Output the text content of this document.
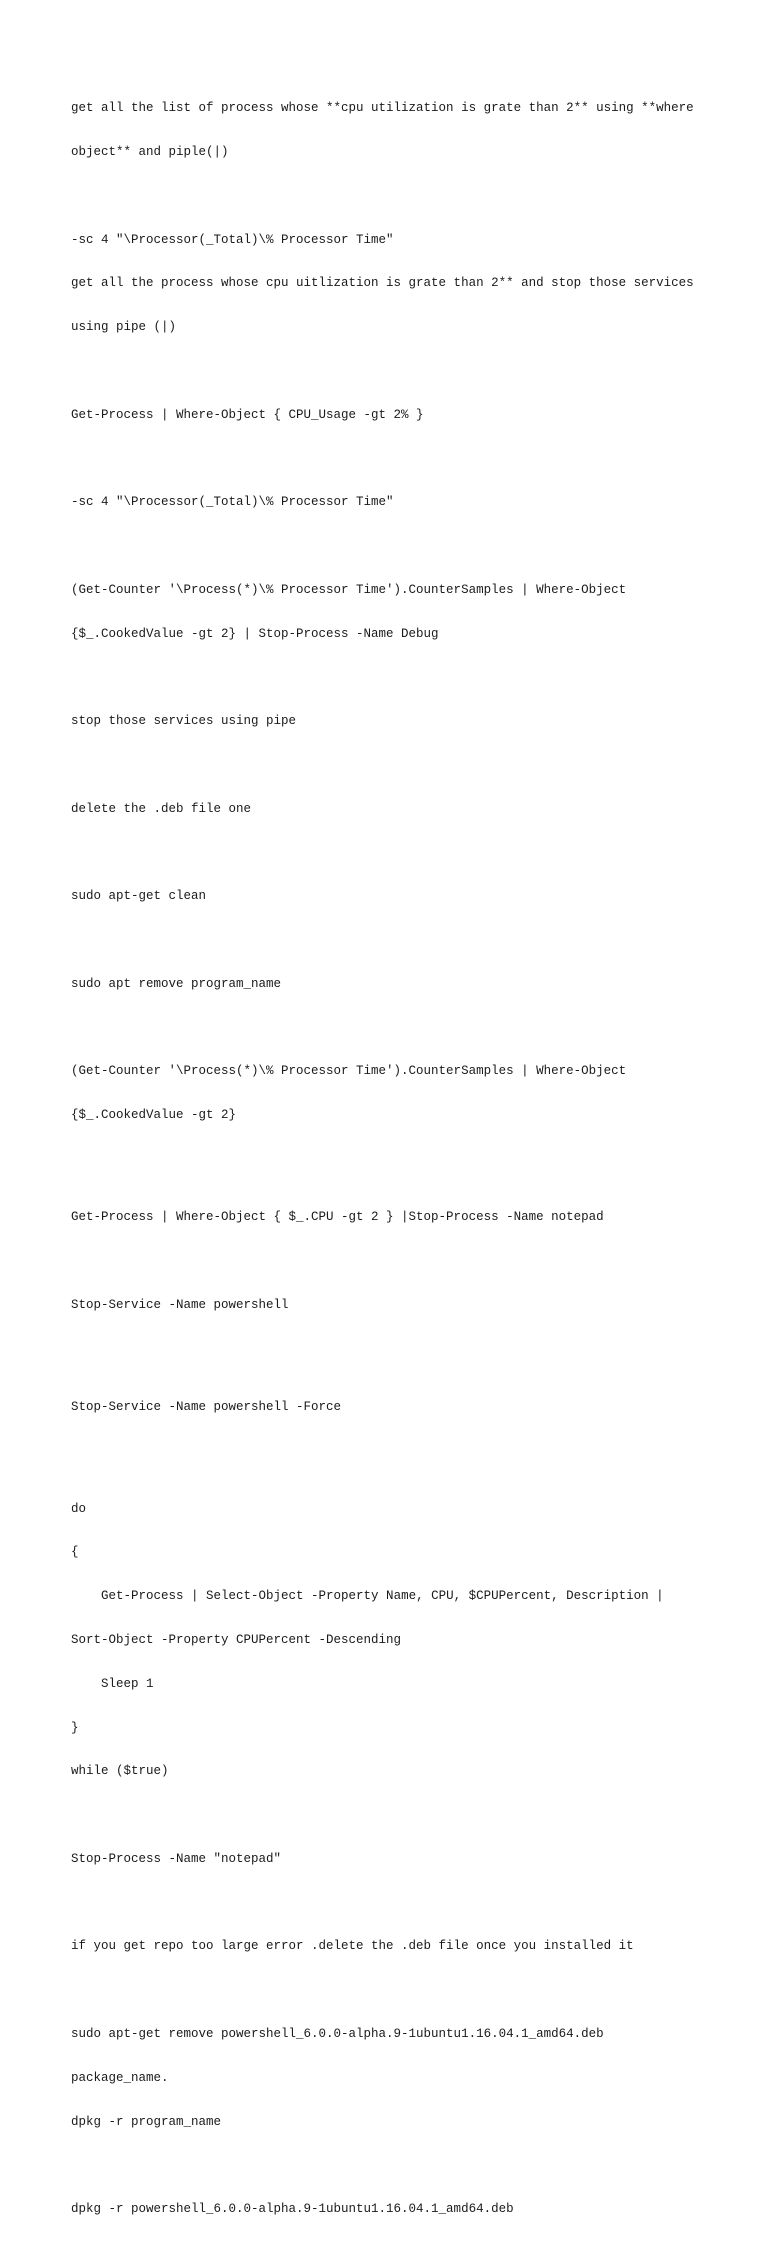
get all the list of process whose **cpu utilization is grate than 2** using **where

object** and piple(|)

-sc 4 "\Processor(_Total)\% Processor Time"

get all the process whose cpu uitlization is grate than 2** and stop those services

using pipe (|)

Get-Process | Where-Object { CPU_Usage -gt 2% }

-sc 4 "\Processor(_Total)\% Processor Time"

(Get-Counter '\Process(*)\% Processor Time').CounterSamples | Where-Object

{$_.CookedValue -gt 2} | Stop-Process -Name Debug

stop those services using pipe

delete the .deb file one

sudo apt-get clean

sudo apt remove program_name

(Get-Counter '\Process(*)\% Processor Time').CounterSamples | Where-Object

{$_.CookedValue -gt 2}

Get-Process | Where-Object { $_.CPU -gt 2 } |Stop-Process -Name notepad

Stop-Service -Name powershell

Stop-Service -Name powershell -Force

do

{

Get-Process | Select-Object -Property Name, CPU, $CPUPercent, Description |

Sort-Object -Property CPUPercent -Descending

Sleep 1

}

while ($true)

Stop-Process -Name "notepad"

if you get repo too large error .delete the .deb file once you installed it

sudo apt-get remove powershell_6.0.0-alpha.9-1ubuntu1.16.04.1_amd64.deb

package_name.

dpkg -r program_name

dpkg -r powershell_6.0.0-alpha.9-1ubuntu1.16.04.1_amd64.deb
